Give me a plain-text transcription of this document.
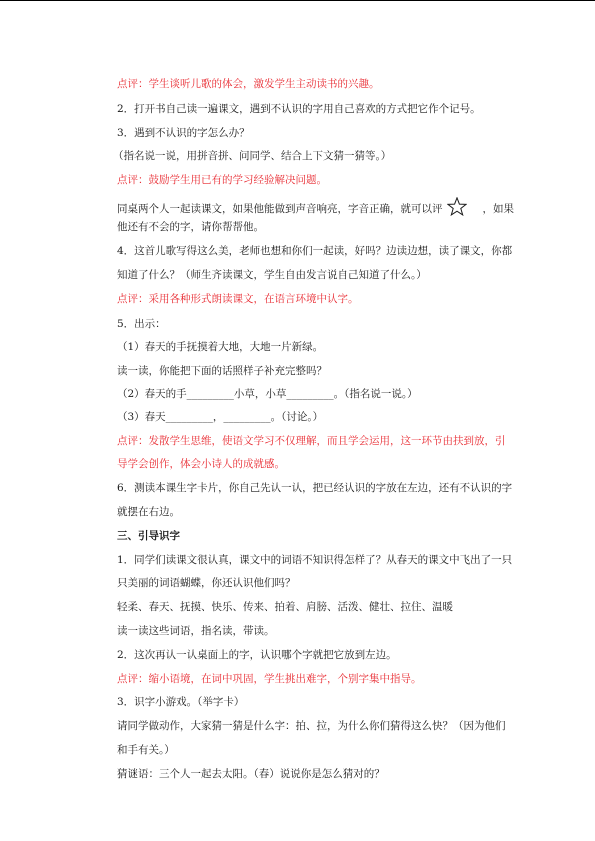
点评：学生谈听儿歌的体会，激发学生主动读书的兴趣。
2．打开书自己读一遍课文，遇到不认识的字用自己喜欢的方式把它作个记号。
3．遇到不认识的字怎么办？
（指名说一说，用拼音拼、问同学、结合上下文猜一猜等。）
点评：鼓励学生用已有的学习经验解决问题。
同桌两个人一起读课文，如果他能做到声音响亮，字音正确，就可以评	，如果
他还有不会的字，请你帮帮他。
4．这首儿歌写得这么美，老师也想和你们一起读，好吗？边读边想，读了课文，你都
知道了什么？（师生齐读课文，学生自由发言说自己知道了什么。）
点评：采用各种形式朗读课文，在语言环境中认字。
5．出示：
（1）春天的手抚摸着大地，大地一片新绿。
读一读，你能把下面的话照样子补充完整吗？
（2）春天的手_________小草，小草_________。（指名说一说。）
（3）春天_________，_________。（讨论。）
点评：发散学生思维，使语文学习不仅理解，而且学会运用，这一环节由扶到放，引
导学会创作，体会小诗人的成就感。
6．测读本课生字卡片，你自己先认一认，把已经认识的字放在左边，还有不认识的字
就摆在右边。
三、引导识字
1．同学们读课文很认真，课文中的词语不知识得怎样了？从春天的课文中飞出了一只
只美丽的词语蝴蝶，你还认识他们吗？
轻柔、春天、抚摸、快乐、传来、拍着、肩膀、活泼、健壮、拉住、温暖
读一读这些词语，指名读，带读。
2．这次再认一认桌面上的字，认识哪个字就把它放到左边。
点评：缩小语境，在词中巩固，学生挑出难字，个别字集中指导。
3．识字小游戏。（举字卡）
请同学做动作，大家猜一猜是什么字：拍、拉，为什么你们猜得这么快？（因为他们
和手有关。）
猜谜语：三个人一起去太阳。（春）说说你是怎么猜对的？
